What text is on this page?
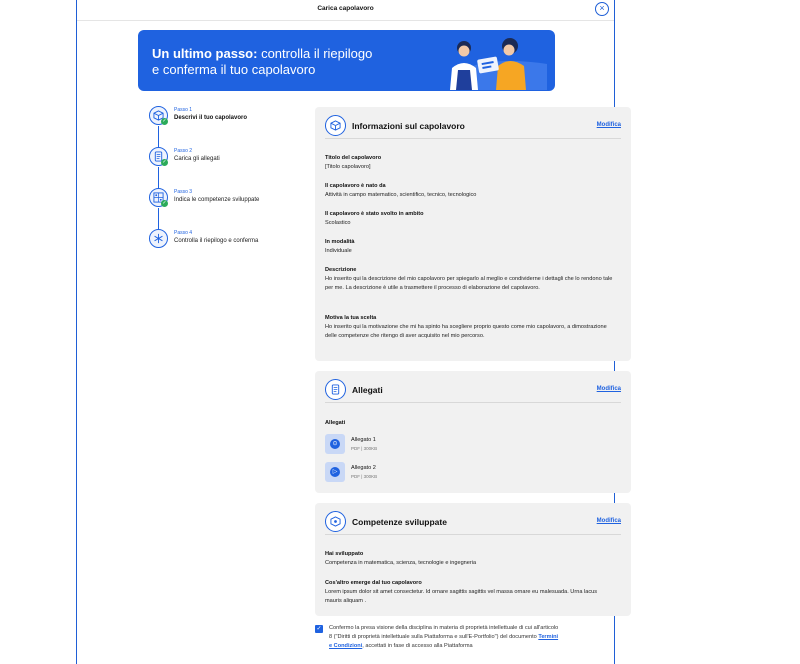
Carica capolavoro	×
Un ultimo passo: controlla il riepilogo
e conferma il tuo capolavoro
✓
Passo 1
Descrivi il tuo capolavoro
✓
Passo 2
Carica gli allegati
✓
Passo 3
Indica le competenze sviluppate
Passo 4
Controlla il riepilogo e conferma
Informazioni sul capolavoro	Modifica
Titolo del capolavoro
[Titolo capolavoro]
Il capolavoro è nato da
Attività in campo matematico, scientifico, tecnico, tecnologico
Il capolavoro è stato svolto in ambito
Scolastico
In modalità
Individuale
Descrizione
Ho inserito qui la descrizione del mio capolavoro per spiegarlo al meglio e condividerne i dettagli che lo rendono tale per me. La descrizione è utile a trasmettere il processo di elaborazione del capolavoro.
Motiva la tua scelta
Ho inserito qui la motivazione che mi ha spinto ha scegliere proprio questo come mio capolavoro, a dimostrazione delle competenze che ritengo di aver acquisito nel mio percorso.
Allegati	Modifica
Allegati
⊙
Allegato 1
PDF | 300KB
▷
Allegato 2
PDF | 300KB
Competenze sviluppate	Modifica
Hai sviluppato
Competenza in matematica, scienza, tecnologie e ingegneria
Cos'altro emerge dal tuo capolavoro
Lorem ipsum dolor sit amet consectetur. Id ornare sagittis sagittis vel massa ornare eu malesuada. Urna lacus mauris aliquam .
✓ Confermo la presa visione della disciplina in materia di proprietà intellettuale di cui all'articolo 8 ("Diritti di proprietà intellettuale sulla Piattaforma e sull'E-Portfolio") del documento Termini e Condizioni, accettati in fase di accesso alla Piattaforma
